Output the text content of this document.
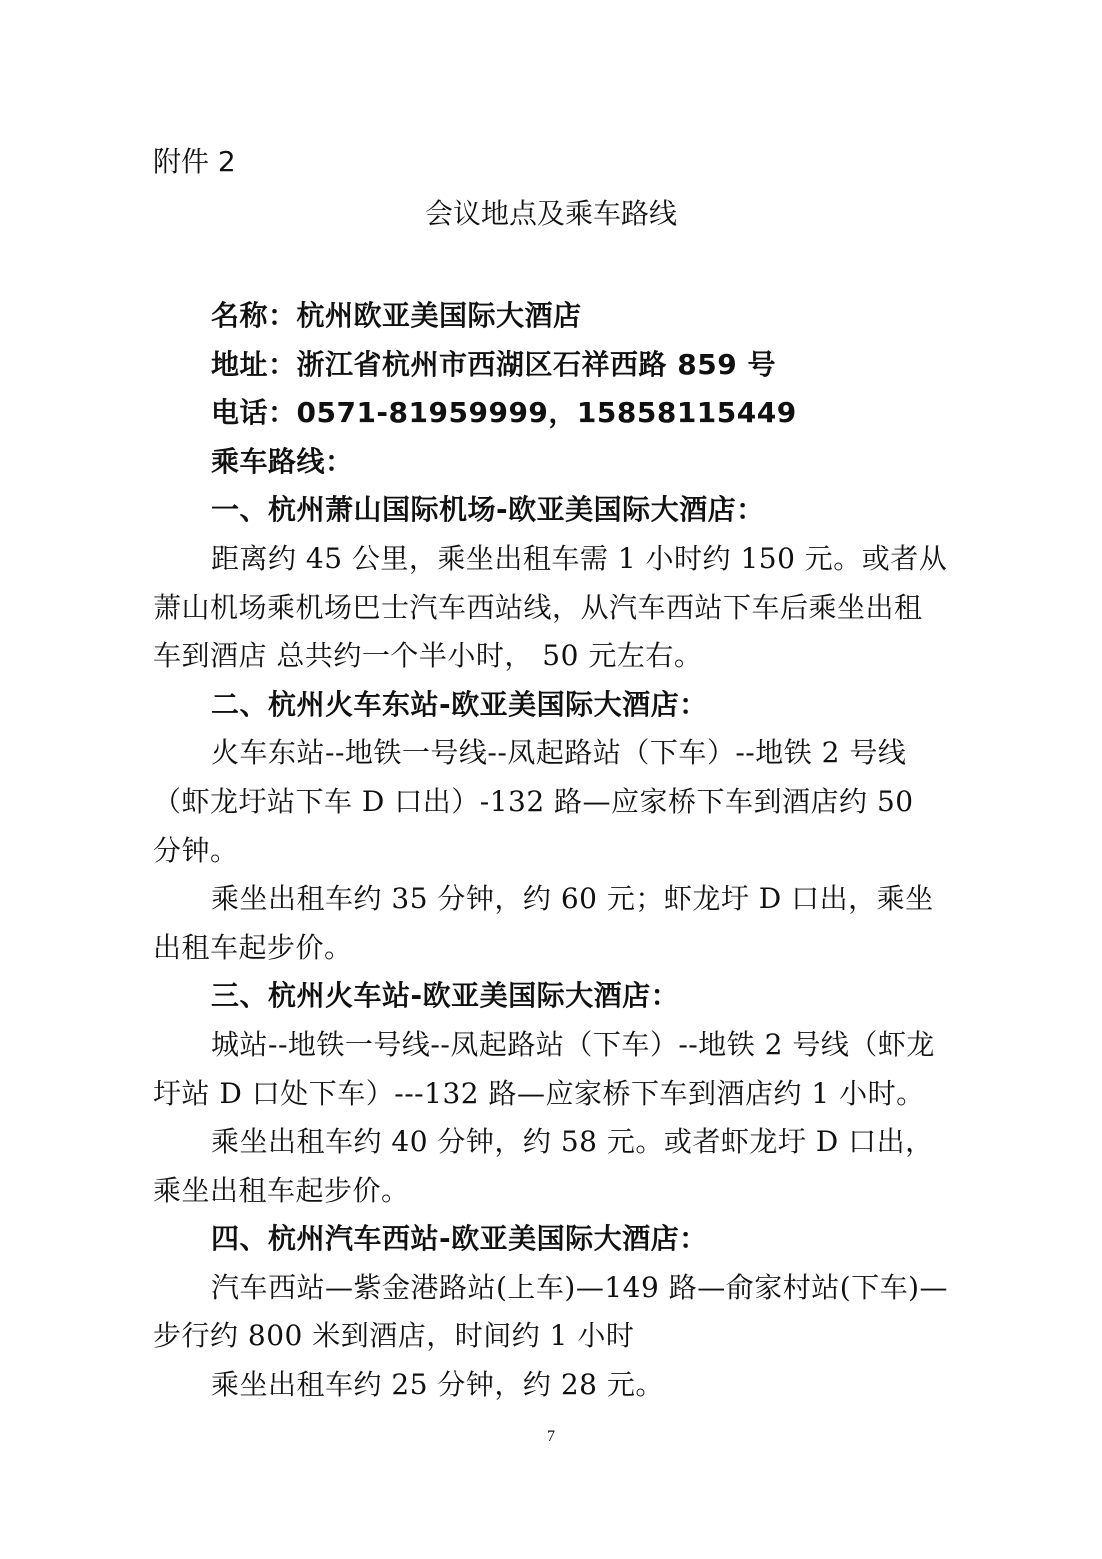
附件 2
会议地点及乘车路线
名称：杭州欧亚美国际大酒店
地址：浙江省杭州市西湖区石祥西路 859 号
电话：0571-81959999，15858115449
乘车路线：
一、杭州萧山国际机场-欧亚美国际大酒店：
距离约 45 公里，乘坐出租车需 1 小时约 150 元。或者从萧山机场乘机场巴士汽车西站线，从汽车西站下车后乘坐出租车到酒店 总共约一个半小时， 50 元左右。
二、杭州火车东站-欧亚美国际大酒店：
火车东站--地铁一号线--凤起路站（下车）--地铁 2 号线（虾龙圩站下车 D 口出）-132 路—应家桥下车到酒店约 50 分钟。
乘坐出租车约 35 分钟，约 60 元；虾龙圩 D 口出，乘坐出租车起步价。
三、杭州火车站-欧亚美国际大酒店：
城站--地铁一号线--凤起路站（下车）--地铁 2 号线（虾龙圩站 D 口处下车）---132 路—应家桥下车到酒店约 1 小时。
乘坐出租车约 40 分钟，约 58 元。或者虾龙圩 D 口出，乘坐出租车起步价。
四、杭州汽车西站-欧亚美国际大酒店：
汽车西站—紫金港路站(上车)—149 路—俞家村站(下车)—步行约 800 米到酒店，时间约 1 小时
乘坐出租车约 25 分钟，约 28 元。
7
